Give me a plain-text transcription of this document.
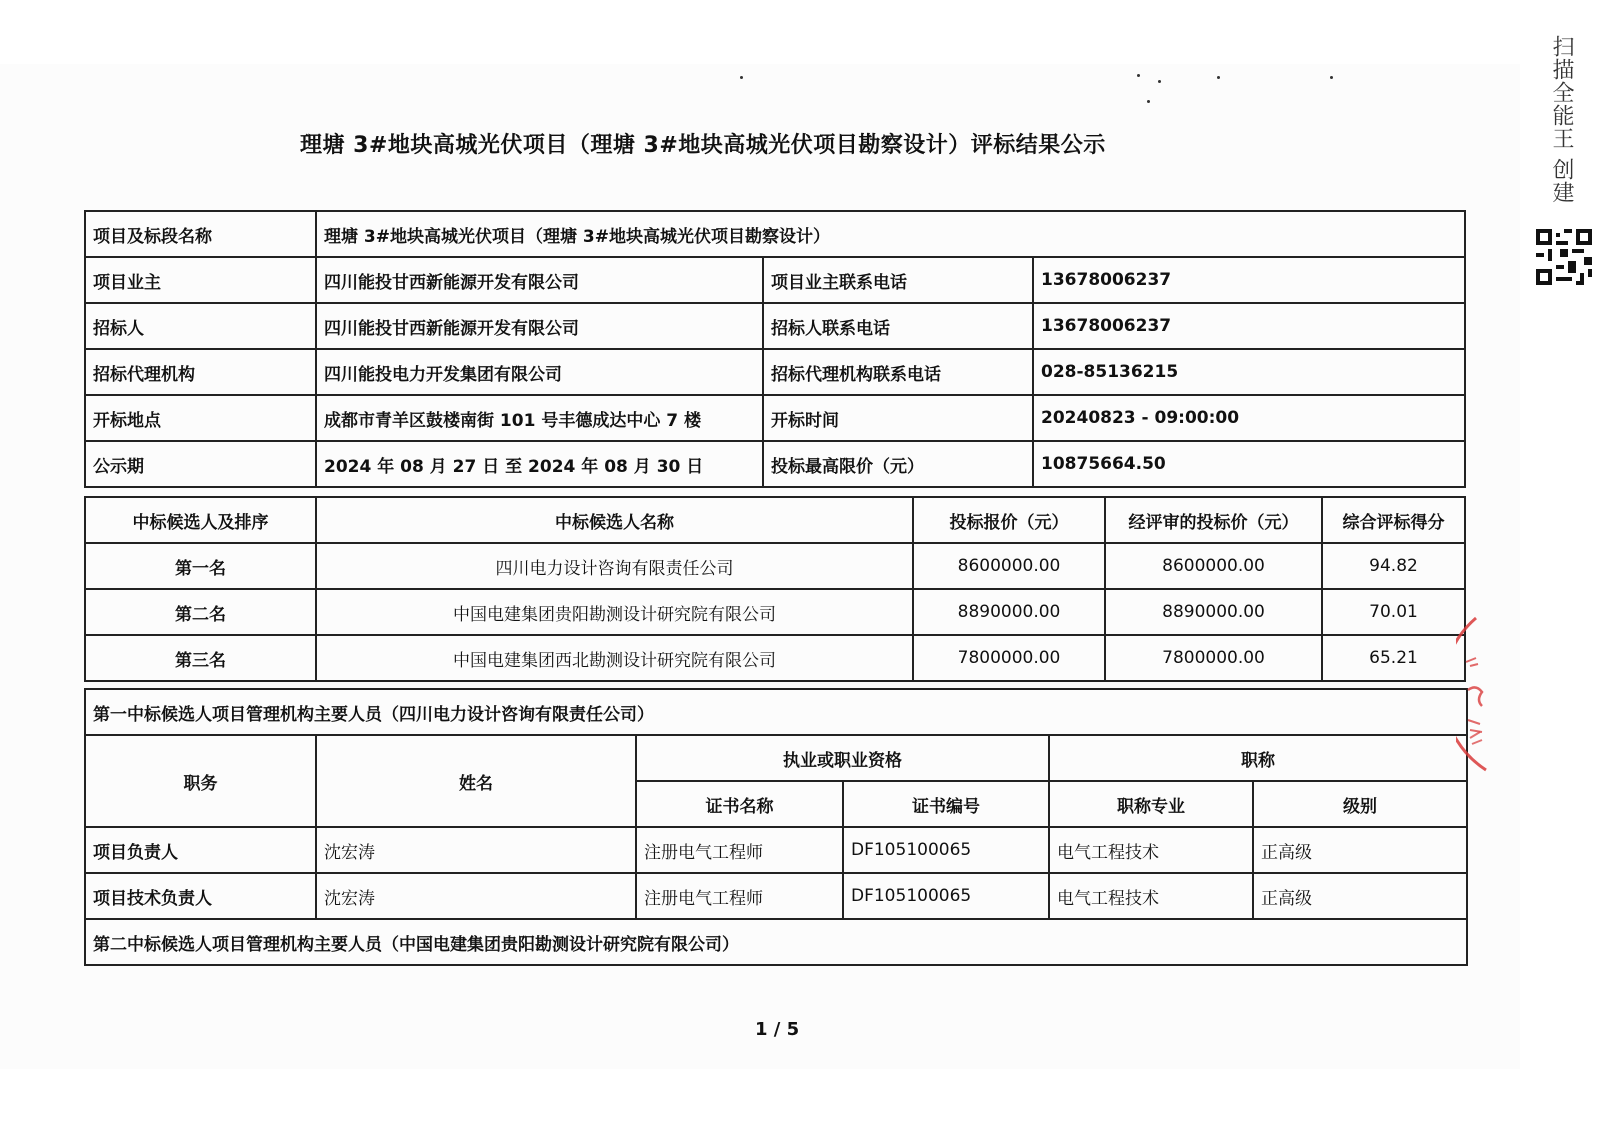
理塘 3#地块高城光伏项目（理塘 3#地块高城光伏项目勘察设计）评标结果公示
项目及标段名称	理塘 3#地块高城光伏项目（理塘 3#地块高城光伏项目勘察设计）		
项目业主	四川能投甘西新能源开发有限公司	项目业主联系电话	13678006237
招标人	四川能投甘西新能源开发有限公司	招标人联系电话	13678006237
招标代理机构	四川能投电力开发集团有限公司	招标代理机构联系电话	028-85136215
开标地点	成都市青羊区鼓楼南街 101 号丰德成达中心 7 楼	开标时间	20240823 - 09:00:00
公示期	2024 年 08 月 27 日 至 2024 年 08 月 30 日	投标最高限价（元）	10875664.50
中标候选人及排序	中标候选人名称	投标报价（元）	经评审的投标价（元）	综合评标得分
第一名	四川电力设计咨询有限责任公司	8600000.00	8600000.00	94.82
第二名	中国电建集团贵阳勘测设计研究院有限公司	8890000.00	8890000.00	70.01
第三名	中国电建集团西北勘测设计研究院有限公司	7800000.00	7800000.00	65.21
第一中标候选人项目管理机构主要人员（四川电力设计咨询有限责任公司）					
职务	姓名	执业或职业资格		职称	
		证书名称	证书编号	职称专业	级别
项目负责人	沈宏涛	注册电气工程师	DF105100065	电气工程技术	正高级
项目技术负责人	沈宏涛	注册电气工程师	DF105100065	电气工程技术	正高级
第二中标候选人项目管理机构主要人员（中国电建集团贵阳勘测设计研究院有限公司）					
1 / 5
扫描全能王 创建
